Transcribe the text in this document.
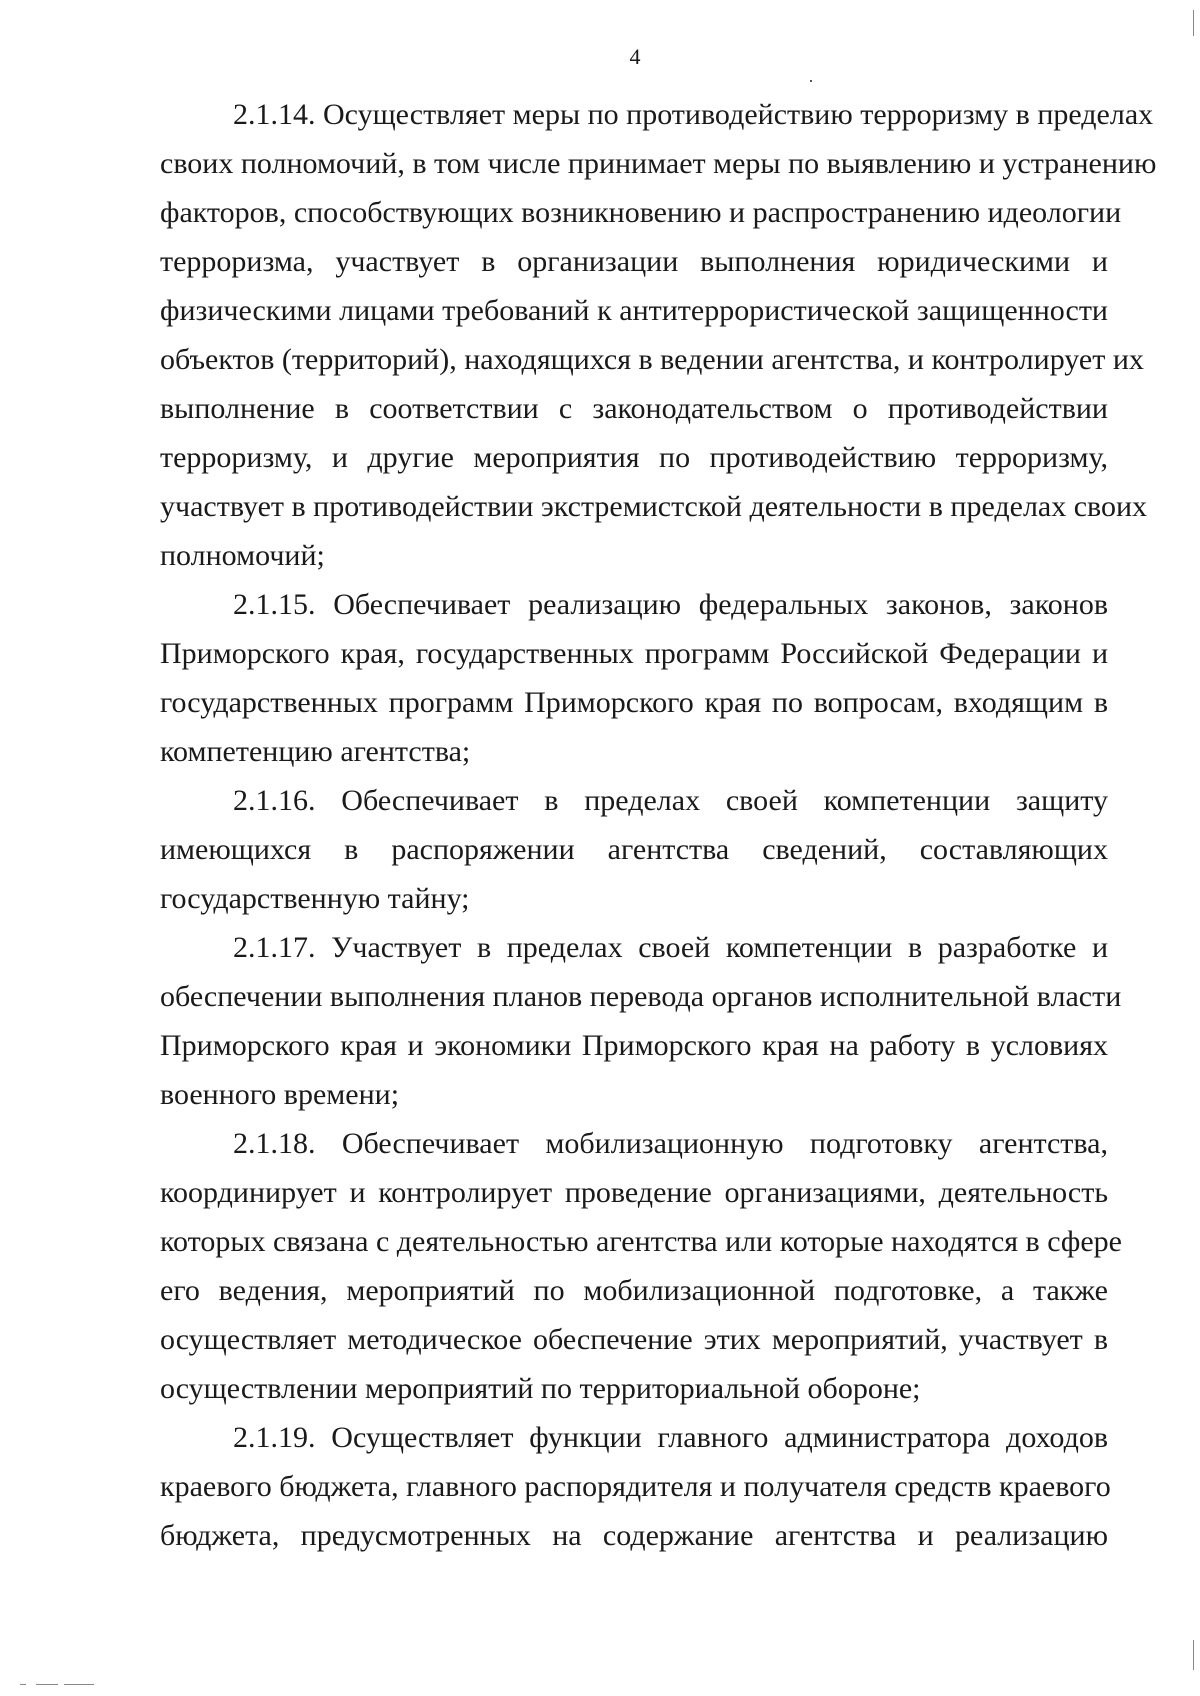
4
2.1.14. Осуществляет меры по противодействию терроризму в пределах
своих полномочий, в том числе принимает меры по выявлению и устранению
факторов, способствующих возникновению и распространению идеологии
терроризма, участвует в организации выполнения юридическими и
физическими лицами требований к антитеррористической защищенности
объектов (территорий), находящихся в ведении агентства, и контролирует их
выполнение в соответствии с законодательством о противодействии
терроризму, и другие мероприятия по противодействию терроризму,
участвует в противодействии экстремистской деятельности в пределах своих
полномочий;
2.1.15. Обеспечивает реализацию федеральных законов, законов
Приморского края, государственных программ Российской Федерации и
государственных программ Приморского края по вопросам, входящим в
компетенцию агентства;
2.1.16. Обеспечивает в пределах своей компетенции защиту
имеющихся в распоряжении агентства сведений, составляющих
государственную тайну;
2.1.17. Участвует в пределах своей компетенции в разработке и
обеспечении выполнения планов перевода органов исполнительной власти
Приморского края и экономики Приморского края на работу в условиях
военного времени;
2.1.18. Обеспечивает мобилизационную подготовку агентства,
координирует и контролирует проведение организациями, деятельность
которых связана с деятельностью агентства или которые находятся в сфере
его ведения, мероприятий по мобилизационной подготовке, а также
осуществляет методическое обеспечение этих мероприятий, участвует в
осуществлении мероприятий по территориальной обороне;
2.1.19. Осуществляет функции главного администратора доходов
краевого бюджета, главного распорядителя и получателя средств краевого
бюджета, предусмотренных на содержание агентства и реализацию
